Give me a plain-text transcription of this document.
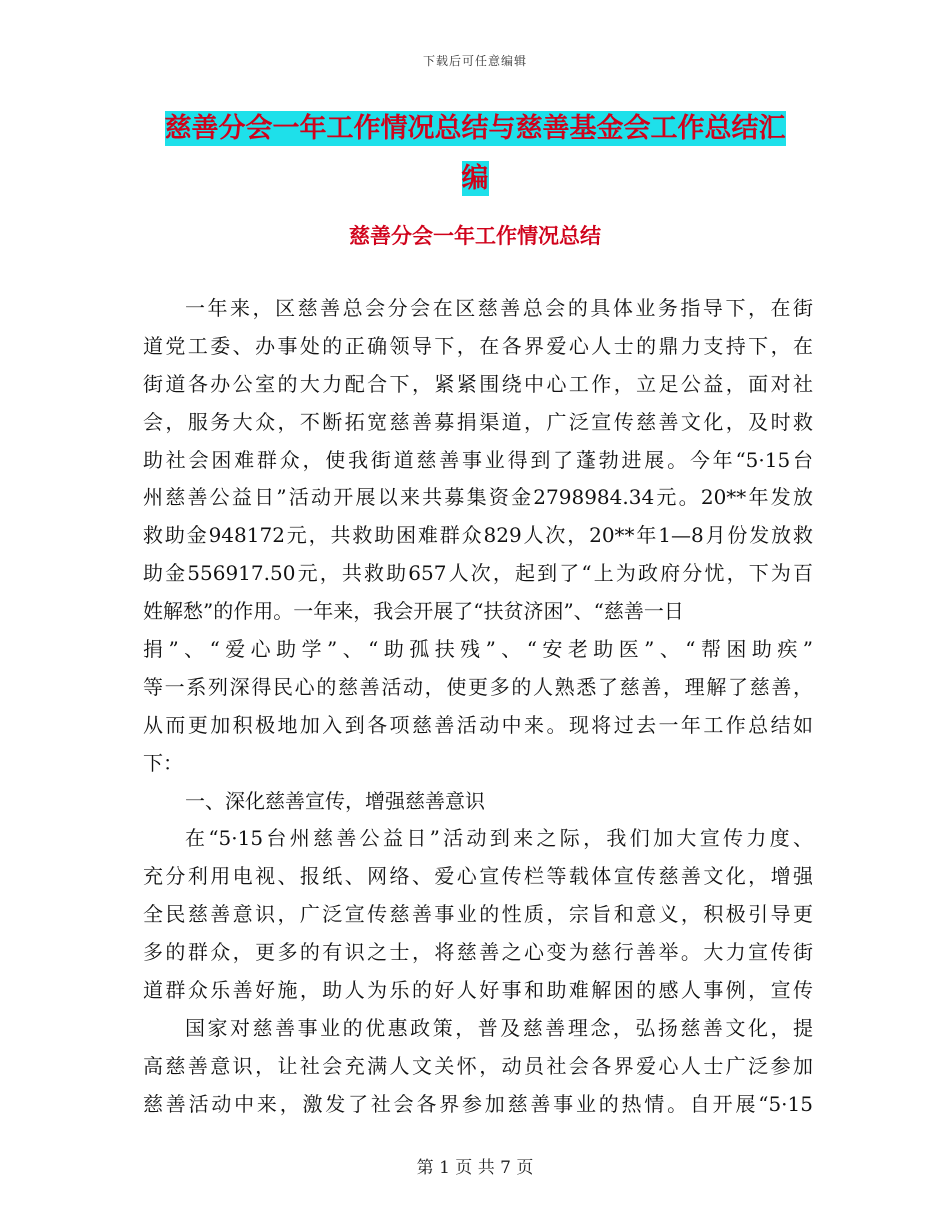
下载后可任意编辑
慈善分会一年工作情况总结与慈善基金会工作总结汇
编
慈善分会一年工作情况总结
一年来，区慈善总会分会在区慈善总会的具体业务指导下，在街
道党工委、办事处的正确领导下，在各界爱心人士的鼎力支持下，在
街道各办公室的大力配合下，紧紧围绕中心工作，立足公益，面对社
会，服务大众，不断拓宽慈善募捐渠道，广泛宣传慈善文化，及时救
助社会困难群众，使我街道慈善事业得到了蓬勃进展。今年“5·15台
州慈善公益日”活动开展以来共募集资金2798984.34元。20**年发放
救助金948172元，共救助困难群众829人次，20**年1—8月份发放救
助金556917.50元，共救助657人次，起到了“上为政府分忧，下为百
姓解愁”的作用。一年来，我会开展了“扶贫济困”、“慈善一日
捐”、“爱心助学”、“助孤扶残”、“安老助医”、“帮困助疾”
等一系列深得民心的慈善活动，使更多的人熟悉了慈善，理解了慈善，
从而更加积极地加入到各项慈善活动中来。现将过去一年工作总结如
下：
一、深化慈善宣传，增强慈善意识
在“5·15台州慈善公益日”活动到来之际，我们加大宣传力度、
充分利用电视、报纸、网络、爱心宣传栏等载体宣传慈善文化，增强
全民慈善意识，广泛宣传慈善事业的性质，宗旨和意义，积极引导更
多的群众，更多的有识之士，将慈善之心变为慈行善举。大力宣传街
道群众乐善好施，助人为乐的好人好事和助难解困的感人事例，宣传
国家对慈善事业的优惠政策，普及慈善理念，弘扬慈善文化，提
高慈善意识，让社会充满人文关怀，动员社会各界爱心人士广泛参加
慈善活动中来，激发了社会各界参加慈善事业的热情。自开展“5·15
第 1 页 共 7 页
